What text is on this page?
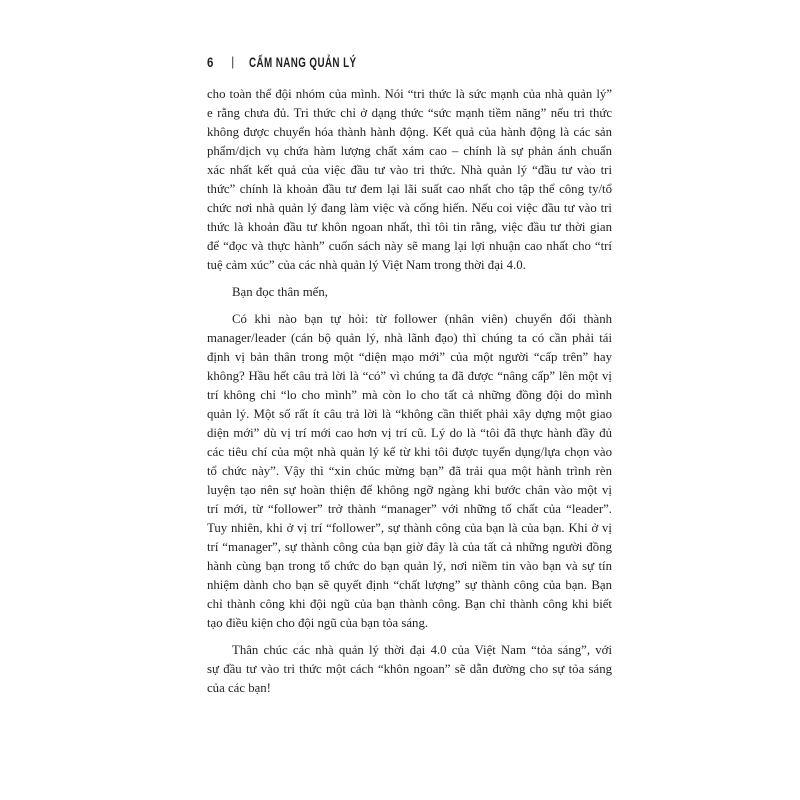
6 | CẨM NANG QUẢN LÝ
cho toàn thể đội nhóm của mình. Nói “tri thức là sức mạnh của nhà quản lý”
e rằng chưa đủ. Tri thức chỉ ở dạng thức “sức mạnh tiềm năng” nếu tri thức
không được chuyển hóa thành hành động. Kết quả của hành động là các sản
phẩm/dịch vụ chứa hàm lượng chất xám cao – chính là sự phản ánh chuẩn
xác nhất kết quả của việc đầu tư vào tri thức. Nhà quản lý “đầu tư vào tri
thức” chính là khoản đầu tư đem lại lãi suất cao nhất cho tập thể công ty/tổ
chức nơi nhà quản lý đang làm việc và cống hiến. Nếu coi việc đầu tư vào tri
thức là khoản đầu tư khôn ngoan nhất, thì tôi tin rằng, việc đầu tư thời gian
để “đọc và thực hành” cuốn sách này sẽ mang lại lợi nhuận cao nhất cho “trí
tuệ cảm xúc” của các nhà quản lý Việt Nam trong thời đại 4.0.
Bạn đọc thân mến,
Có khi nào bạn tự hỏi: từ follower (nhân viên) chuyển đổi thành
manager/leader (cán bộ quản lý, nhà lãnh đạo) thì chúng ta có cần phải tái
định vị bản thân trong một “diện mạo mới” của một người “cấp trên” hay
không? Hầu hết câu trả lời là “có” vì chúng ta đã được “nâng cấp” lên một vị
trí không chỉ “lo cho mình” mà còn lo cho tất cả những đồng đội do mình
quản lý. Một số rất ít câu trả lời là “không cần thiết phải xây dựng một giao
diện mới” dù vị trí mới cao hơn vị trí cũ. Lý do là “tôi đã thực hành đầy đủ
các tiêu chí của một nhà quản lý kể từ khi tôi được tuyển dụng/lựa chọn vào
tổ chức này”. Vậy thì “xin chúc mừng bạn” đã trải qua một hành trình rèn
luyện tạo nên sự hoàn thiện để không ngỡ ngàng khi bước chân vào một vị
trí mới, từ “follower” trở thành “manager” với những tố chất của “leader”.
Tuy nhiên, khi ở vị trí “follower”, sự thành công của bạn là của bạn. Khi ở vị
trí “manager”, sự thành công của bạn giờ đây là của tất cả những người đồng
hành cùng bạn trong tổ chức do bạn quản lý, nơi niềm tin vào bạn và sự tín
nhiệm dành cho bạn sẽ quyết định “chất lượng” sự thành công của bạn. Bạn
chỉ thành công khi đội ngũ của bạn thành công. Bạn chỉ thành công khi biết
tạo điều kiện cho đội ngũ của bạn tỏa sáng.
Thân chúc các nhà quản lý thời đại 4.0 của Việt Nam “tỏa sáng”, với
sự đầu tư vào tri thức một cách “khôn ngoan” sẽ dẫn đường cho sự tỏa sáng
của các bạn!
